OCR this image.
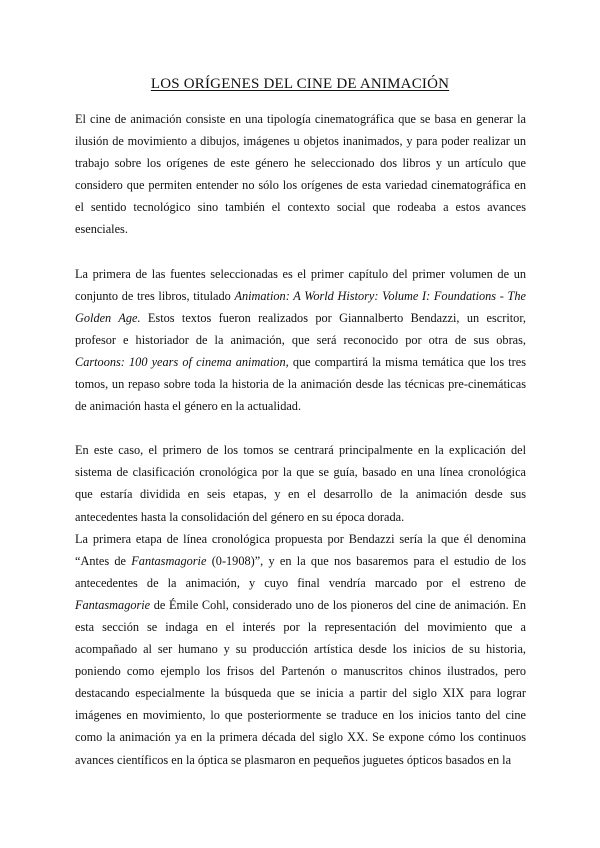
LOS ORÍGENES DEL CINE DE ANIMACIÓN

El cine de animación consiste en una tipología cinematográfica que se basa en generar la ilusión de movimiento a dibujos, imágenes u objetos inanimados, y para poder realizar un trabajo sobre los orígenes de este género he seleccionado dos libros y un artículo que considero que permiten entender no sólo los orígenes de esta variedad cinematográfica en el sentido tecnológico sino también el contexto social que rodeaba a estos avances esenciales.

La primera de las fuentes seleccionadas es el primer capítulo del primer volumen de un conjunto de tres libros, titulado Animation: A World History: Volume I: Foundations - The Golden Age. Estos textos fueron realizados por Giannalberto Bendazzi, un escritor, profesor e historiador de la animación, que será reconocido por otra de sus obras, Cartoons: 100 years of cinema animation, que compartirá la misma temática que los tres tomos, un repaso sobre toda la historia de la animación desde las técnicas pre-cinemáticas de animación hasta el género en la actualidad.

En este caso, el primero de los tomos se centrará principalmente en la explicación del sistema de clasificación cronológica por la que se guía, basado en una línea cronológica que estaría dividida en seis etapas, y en el desarrollo de la animación desde sus antecedentes hasta la consolidación del género en su época dorada.

La primera etapa de línea cronológica propuesta por Bendazzi sería la que él denomina “Antes de Fantasmagorie (0-1908)”, y en la que nos basaremos para el estudio de los antecedentes de la animación, y cuyo final vendría marcado por el estreno de Fantasmagorie de Émile Cohl, considerado uno de los pioneros del cine de animación. En esta sección se indaga en el interés por la representación del movimiento que a acompañado al ser humano y su producción artística desde los inicios de su historia, poniendo como ejemplo los frisos del Partenón o manuscritos chinos ilustrados, pero destacando especialmente la búsqueda que se inicia a partir del siglo XIX para lograr imágenes en movimiento, lo que posteriormente se traduce en los inicios tanto del cine como la animación ya en la primera década del siglo XX. Se expone cómo los continuos avances científicos en la óptica se plasmaron en pequeños juguetes ópticos basados en la
